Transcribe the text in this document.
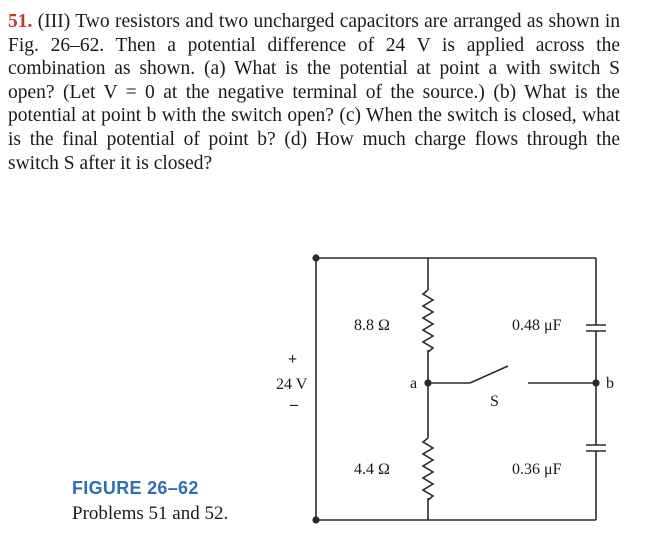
51. (III) Two resistors and two uncharged capacitors are arranged as shown in Fig. 26–62. Then a potential difference of 24 V is applied across the combination as shown. (a) What is the potential at point a with switch S open? (Let V = 0 at the negative terminal of the source.) (b) What is the potential at point b with the switch open? (c) When the switch is closed, what is the final potential of point b? (d) How much charge flows through the switch S after it is closed?
8.8 Ω
4.4 Ω
0.48 μF
0.36 μF
+
24 V
–
a	b
S
FIGURE 26–62
Problems 51 and 52.
